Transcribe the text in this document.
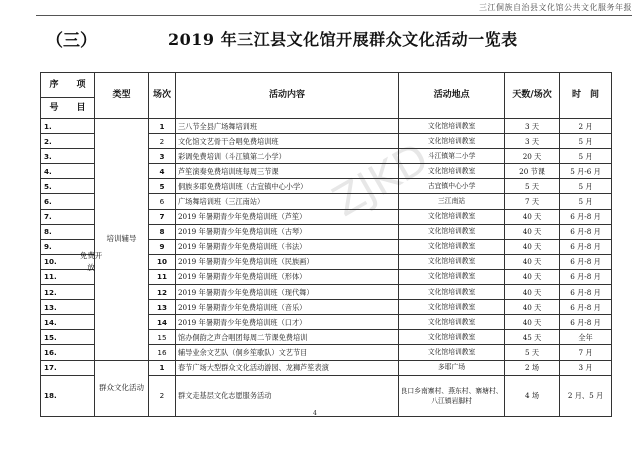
三江侗族自治县文化馆公共文化服务年报
（三）	2019 年三江县文化馆开展群众文化活动一览表
ZJKD
序　　 项	类型	场次	活动内容	活动地点	天数/场次	时　间
号　　 目						
1.	培训辅导	1	三八节全县广场舞培训班	文化馆培训教室	3 天	2 月
2.		2	文化馆文艺骨干合唱免费培训班	文化馆培训教室	3 天	5 月
3.		3	彩调免费培训（斗江镇第二小学）	斗江镇第二小学	20 天	5 月
4.		4	芦笙演奏免费培训班每周三节课	文化馆培训教室	20 节课	5 月-6 月
5.		5	侗族多耶免费培训班（古宜镇中心小学）	古宜镇中心小学	5 天	5 月
6.		6	广场舞培训班（三江南站）	三江南站	7 天	5 月
7.		7	2019 年暑期青少年免费培训班（芦笙）	文化馆培训教室	40 天	6 月-8 月
8.		8	2019 年暑期青少年免费培训班（古琴）	文化馆培训教室	40 天	6 月-8 月
9.		9	2019 年暑期青少年免费培训班（书法）	文化馆培训教室	40 天	6 月-8 月
10.		10	2019 年暑期青少年免费培训班（民族画）	文化馆培训教室	40 天	6 月-8 月
11.		11	2019 年暑期青少年免费培训班（形体）	文化馆培训教室	40 天	6 月-8 月
12.		12	2019 年暑期青少年免费培训班（现代舞）	文化馆培训教室	40 天	6 月-8 月
13.		13	2019 年暑期青少年免费培训班（音乐）	文化馆培训教室	40 天	6 月-8 月
14.		14	2019 年暑期青少年免费培训班（口才）	文化馆培训教室	40 天	6 月-8 月
15.		15	馆办侗韵之声合唱团每周二节课免费培训	文化馆培训教室	45 天	全年
16.		16	辅导业余文艺队（侗乡笙歌队）文艺节目	文化馆培训教室	5 天	7 月
17.	群众文化活动	1	春节广场大型群众文化活动游园、龙狮芦笙表演	多耶广场	2 场	3 月
18.		2	群文走基层文化志愿服务活动	良口乡南寨村、燕东村、寨塘村、八江镇岩脚村	4 场	2 月、5 月
4
免费开放
